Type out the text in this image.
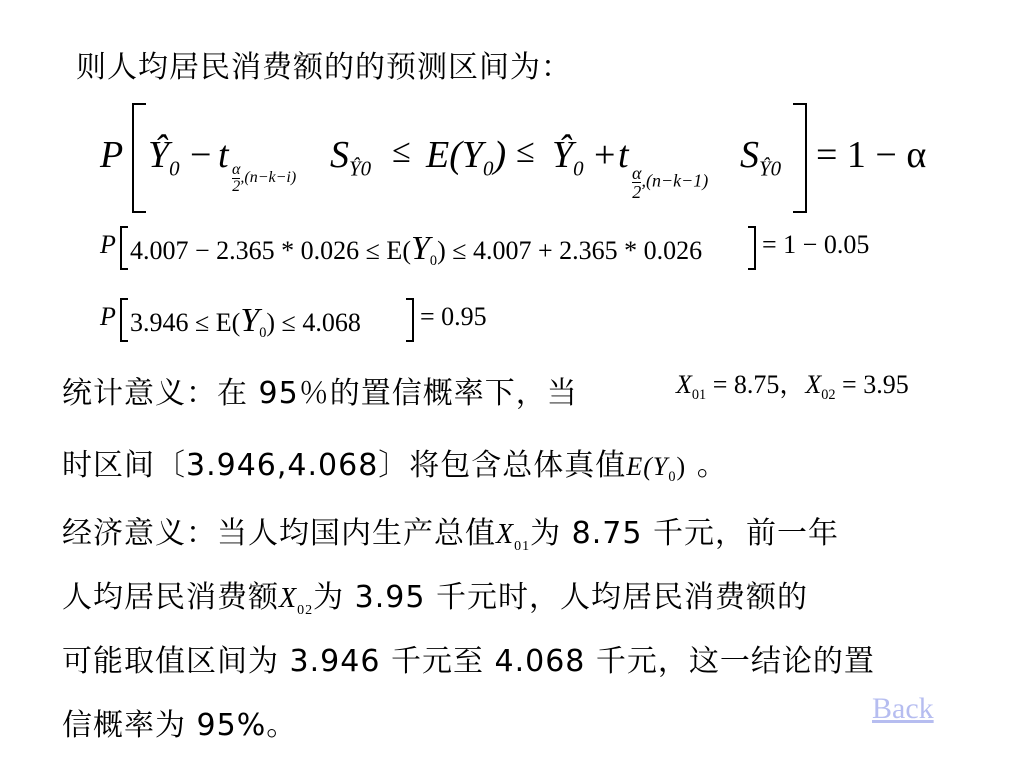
则人均居民消费额的的预测区间为：
P $Ŷ_0 - t$
$\frac{\alpha}{2} ,(n-k-i)$
$S_{Ŷ0} \le E(Y_0)$ ≤ $Ŷ_0 + t$
$\frac{\alpha}{2} ,(n-k-1)$
$S_{Ŷ0} = 1 - \alpha$
P $4.007 - 2.365 * 0.026 \le E(Y_0) \le 4.007 + 2.365 * 0.026 = 1 - 0.05$
P $3.946 \le E(Y_0) \le 4.068 = 0.95$
统计意义：在 95％的置信概率下，当	$X_{01} = 8.75$，$X_{02} = 3.95$
时区间〔3.946,4.068〕将包含总体真值$E(Y_0)$ 。
经济意义：当人均国内生产总值$X_{01}$为 8.75 千元，前一年
人均居民消费额$X_{02}$为 3.95 千元时，人均居民消费额的
可能取值区间为 3.946 千元至 4.068 千元，这一结论的置
信概率为 95%。	Back
